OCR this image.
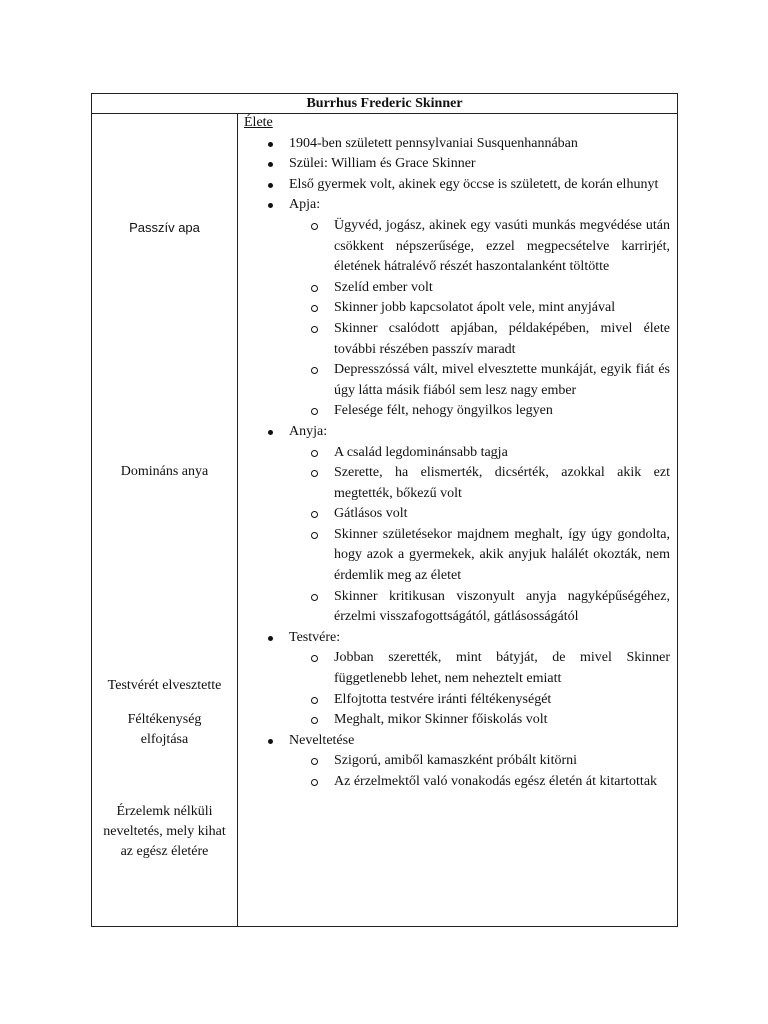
Burrhus Frederic Skinner
Passzív apa
Domináns anya
Testvérét elvesztette
Féltékenység elfojtása
Érzelemk nélküli neveltetés, mely kihat az egész életére
Élete
1904-ben született pennsylvaniai Susquenhannában
Szülei: William és Grace Skinner
Első gyermek volt, akinek egy öccse is született, de korán elhunyt
Apja:
Ügyvéd, jogász, akinek egy vasúti munkás megvédése után csökkent népszerűsége, ezzel megpecsételve karrirjét, életének hátralévő részét haszontalanként töltötte
Szelíd ember volt
Skinner jobb kapcsolatot ápolt vele, mint anyjával
Skinner csalódott apjában, példaképében, mivel élete további részében passzív maradt
Depresszóssá vált, mivel elvesztette munkáját, egyik fiát és úgy látta másik fiából sem lesz nagy ember
Felesége félt, nehogy öngyilkos legyen
Anyja:
A család legdominánsabb tagja
Szerette, ha elismerték, dicsérték, azokkal akik ezt megtették, bőkezű volt
Gátlásos volt
Skinner születésekor majdnem meghalt, így úgy gondolta, hogy azok a gyermekek, akik anyjuk halálét okozták, nem érdemlik meg az életet
Skinner kritikusan viszonyult anyja nagyképűségéhez, érzelmi visszafogottságától, gátlásosságától
Testvére:
Jobban szerették, mint bátyját, de mivel Skinner függetlenebb lehet, nem neheztelt emiatt
Elfojtotta testvére iránti féltékenységét
Meghalt, mikor Skinner főiskolás volt
Neveltetése
Szigorú, amiből kamaszként próbált kitörni
Az érzelmektől való vonakodás egész életén át kitartottak
